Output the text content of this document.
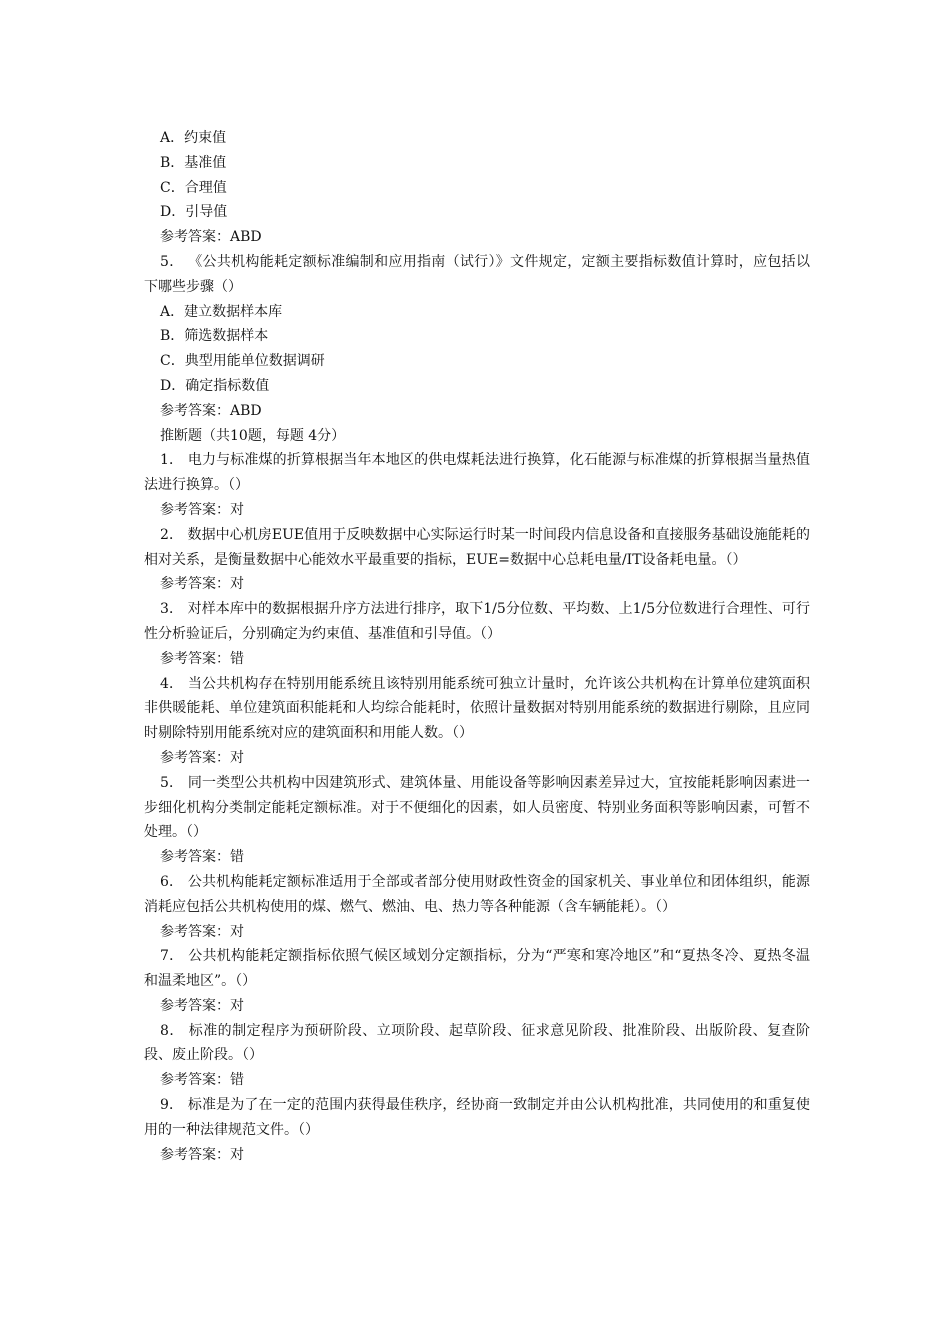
A．约束值
B．基准值
C．合理值
D．引导值
参考答案：ABD
5． 《公共机构能耗定额标准编制和应用指南（试行）》文件规定，定额主要指标数值计算时，应包括以下哪些步骤（）
A．建立数据样本库
B．筛选数据样本
C．典型用能单位数据调研
D．确定指标数值
参考答案：ABD
推断题（共10题，每题 4分）
1． 电力与标准煤的折算根据当年本地区的供电煤耗法进行换算，化石能源与标准煤的折算根据当量热值法进行换算。（）
参考答案：对
2． 数据中心机房EUE值用于反映数据中心实际运行时某一时间段内信息设备和直接服务基础设施能耗的相对关系，是衡量数据中心能效水平最重要的指标，EUE=数据中心总耗电量/IT设备耗电量。（）
参考答案：对
3． 对样本库中的数据根据升序方法进行排序，取下1/5分位数、平均数、上1/5分位数进行合理性、可行性分析验证后，分别确定为约束值、基准值和引导值。（）
参考答案：错
4． 当公共机构存在特别用能系统且该特别用能系统可独立计量时，允许该公共机构在计算单位建筑面积非供暖能耗、单位建筑面积能耗和人均综合能耗时，依照计量数据对特别用能系统的数据进行剔除，且应同时剔除特别用能系统对应的建筑面积和用能人数。（）
参考答案：对
5． 同一类型公共机构中因建筑形式、建筑体量、用能设备等影响因素差异过大，宜按能耗影响因素进一步细化机构分类制定能耗定额标准。对于不便细化的因素，如人员密度、特别业务面积等影响因素，可暂不处理。（）
参考答案：错
6． 公共机构能耗定额标准适用于全部或者部分使用财政性资金的国家机关、事业单位和团体组织，能源消耗应包括公共机构使用的煤、燃气、燃油、电、热力等各种能源（含车辆能耗）。（）
参考答案：对
7． 公共机构能耗定额指标依照气候区域划分定额指标，分为“严寒和寒冷地区”和“夏热冬冷、夏热冬温和温柔地区”。（）
参考答案：对
8． 标准的制定程序为预研阶段、立项阶段、起草阶段、征求意见阶段、批准阶段、出版阶段、复查阶段、废止阶段。（）
参考答案：错
9． 标准是为了在一定的范围内获得最佳秩序，经协商一致制定并由公认机构批准，共同使用的和重复使用的一种法律规范文件。（）
参考答案：对
